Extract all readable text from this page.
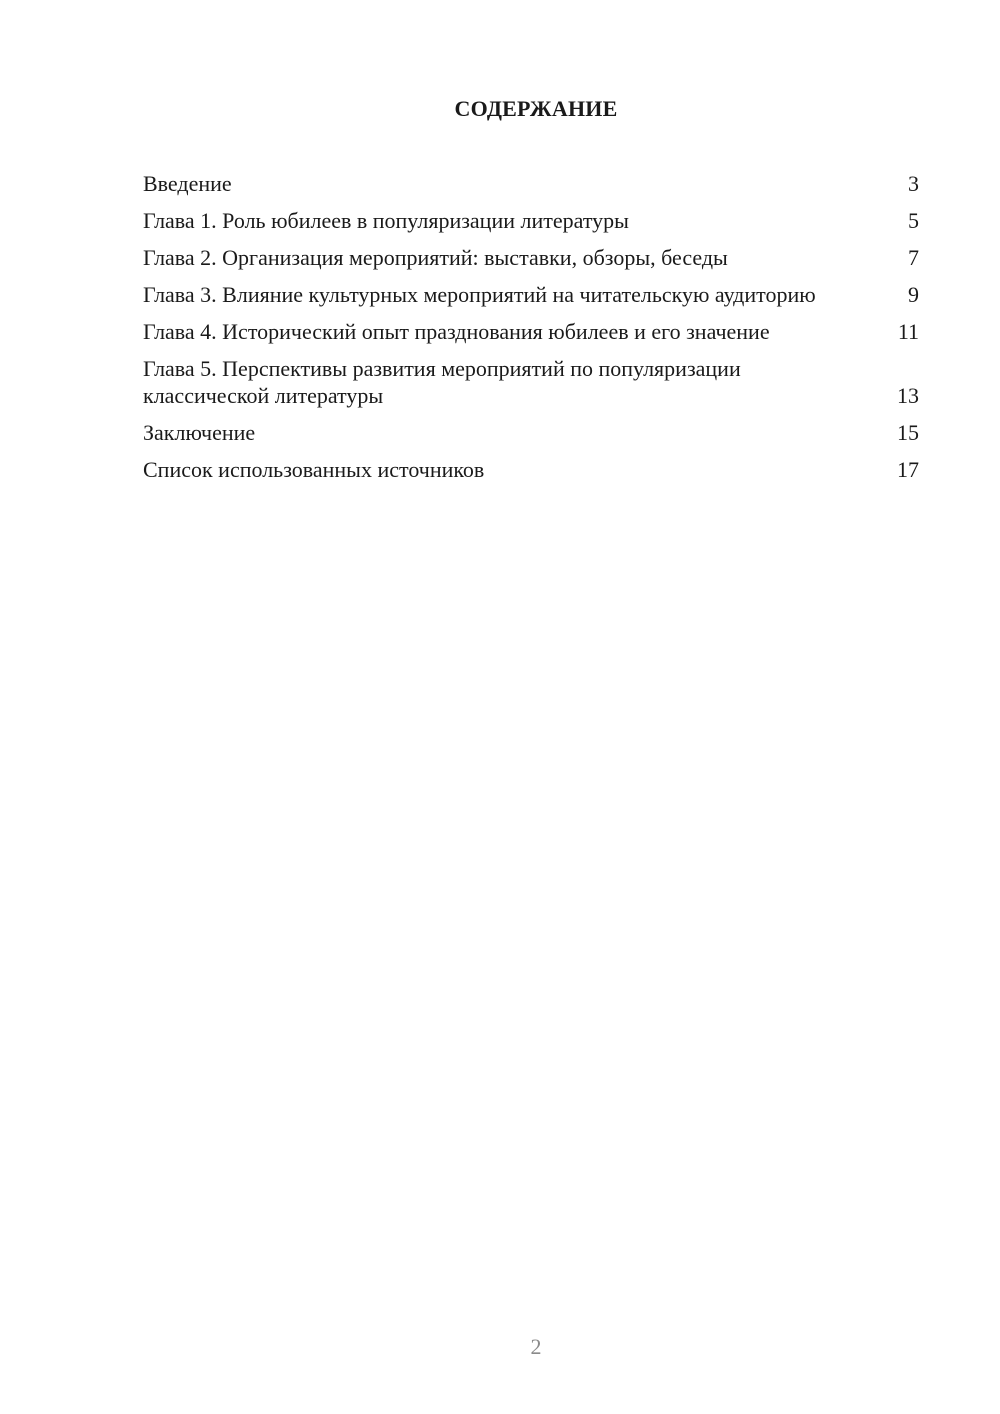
СОДЕРЖАНИЕ
Введение	3
Глава 1. Роль юбилеев в популяризации литературы	5
Глава 2. Организация мероприятий: выставки, обзоры, беседы	7
Глава 3. Влияние культурных мероприятий на читательскую аудиторию	9
Глава 4. Исторический опыт празднования юбилеев и его значение	11
Глава 5. Перспективы развития мероприятий по популяризации классической литературы	13
Заключение	15
Список использованных источников	17
2
